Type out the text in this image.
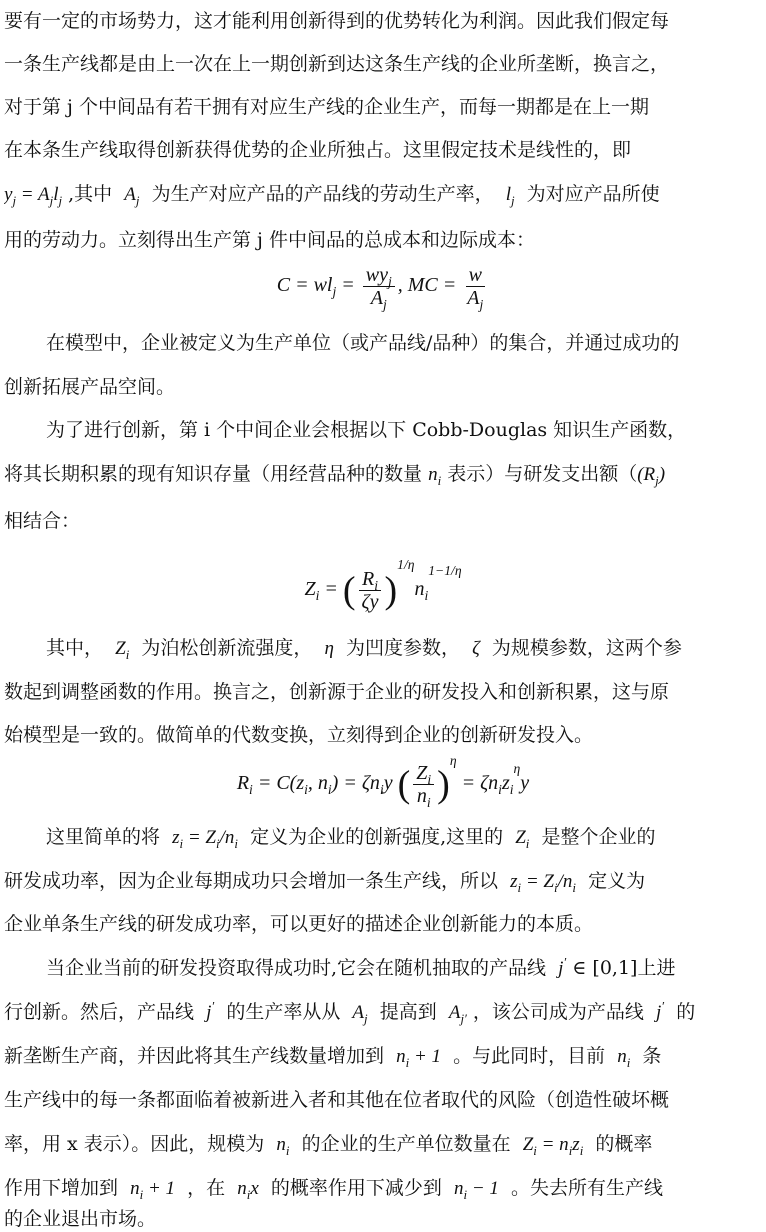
要有一定的市场势力，这才能利用创新得到的优势转化为利润。因此我们假定每
一条生产线都是由上一次在上一期创新到达这条生产线的企业所垄断，换言之，
对于第 j 个中间品有若干拥有对应生产线的企业生产，而每一期都是在上一期
在本条生产线取得创新获得优势的企业所独占。这里假定技术是线性的，即
$y_j = A_jl_j$ ,其中 $A_j$ 为生产对应产品的产品线的劳动生产率， $l_j$ 为对应产品所使
用的劳动力。立刻得出生产第 j 件中间品的总成本和边际成本：
$C = wl_j = \frac{wy_j}{A_j}$ , MC = $\frac{w}{A_j}$
在模型中，企业被定义为生产单位（或产品线/品种）的集合，并通过成功的
创新拓展产品空间。
为了进行创新，第 i 个中间企业会根据以下 Cobb-Douglas 知识生产函数，
将其长期积累的现有知识存量（用经营品种的数量 $n_i$ 表示）与研发支出额（$(R_j)$
相结合：
$Z_i$ = ( $\frac{R_i}{\zeta y} )^{1/\eta}n_i^{1-1/\eta}$
其中， $Z_i$ 为泊松创新流强度， η 为凹度参数， ζ 为规模参数，这两个参
数起到调整函数的作用。换言之，创新源于企业的研发投入和创新积累，这与原
始模型是一致的。做简单的代数变换，立刻得到企业的创新研发投入。
$R_i = C(z_i$, $n_i) = \zeta n_iy$ ( $\frac{Z_i}{n_i} )^\eta = \zeta n_iz_i^\eta y$
这里简单的将 $z_i = Z_i/n_i$ 定义为企业的创新强度,这里的 $Z_i$ 是整个企业的
研发成功率，因为企业每期成功只会增加一条生产线，所以 $z_i = Z_i/n_i$ 定义为
企业单条生产线的研发成功率，可以更好的描述企业创新能力的本质。
当企业当前的研发投资取得成功时,它会在随机抽取的产品线 j′ ∈ [0,1]上进
行创新。然后，产品线 j′ 的生产率从从 $A_j$ 提高到 $A_{j'}$ ，该公司成为产品线 j′ 的
新垄断生产商，并因此将其生产线数量增加到 $n_i + 1$ 。与此同时，目前 $n_i$ 条
生产线中的每一条都面临着被新进入者和其他在位者取代的风险（创造性破坏概
率，用 x 表示）。因此，规模为 $n_i$ 的企业的生产单位数量在 $Z_i = n_iz_i$ 的概率
作用下增加到 $n_i + 1$ ，在 $n_ix$ 的概率作用下减少到 $n_i - 1$ 。失去所有生产线
的企业退出市场。
